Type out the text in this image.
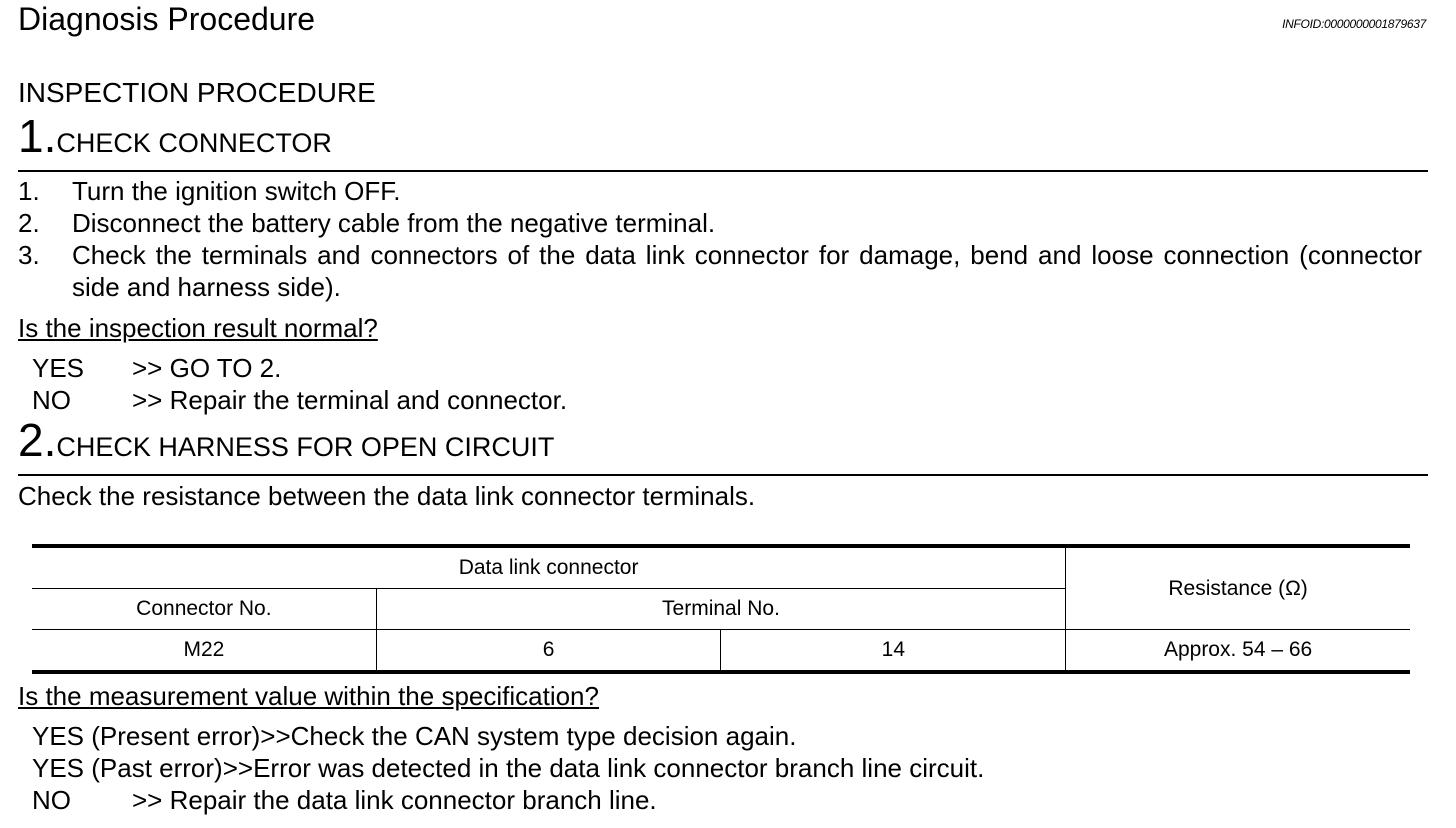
Diagnosis Procedure	INFOID:0000000001879637
INSPECTION PROCEDURE
1. CHECK CONNECTOR
1. Turn the ignition switch OFF.
2. Disconnect the battery cable from the negative terminal.
3. Check the terminals and connectors of the data link connector for damage, bend and loose connection (connector side and harness side).
Is the inspection result normal?
YES	>> GO TO 2.
NO	>> Repair the terminal and connector.
2. CHECK HARNESS FOR OPEN CIRCUIT
Check the resistance between the data link connector terminals.
Data link connector			Resistance (Ω)
Connector No.	Terminal No.		
M22	6	14	Approx. 54 – 66
Is the measurement value within the specification?
YES (Present error)>>Check the CAN system type decision again.
YES (Past error)>>Error was detected in the data link connector branch line circuit.
NO	>> Repair the data link connector branch line.
